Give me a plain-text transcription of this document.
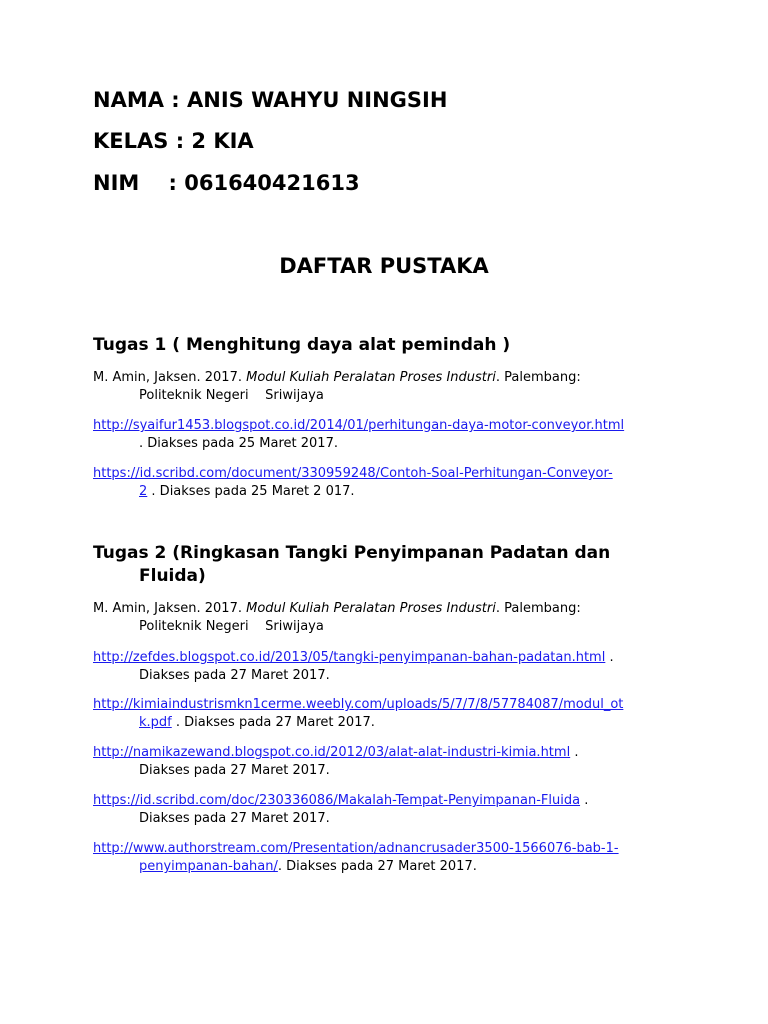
NAMA : ANIS WAHYU NINGSIH

KELAS : 2 KIA

NIM    : 061640421613

DAFTAR PUSTAKA
Tugas 1 ( Menghitung daya alat pemindah )
M. Amin, Jaksen. 2017. Modul Kuliah Peralatan Proses Industri. Palembang:
Politeknik Negeri    Sriwijaya
http://syaifur1453.blogspot.co.id/2014/01/perhitungan-daya-motor-conveyor.html
. Diakses pada 25 Maret 2017.
https://id.scribd.com/document/330959248/Contoh-Soal-Perhitungan-Conveyor-
2 . Diakses pada 25 Maret 2 017.
Tugas 2 (Ringkasan Tangki Penyimpanan Padatan dan
Fluida)
M. Amin, Jaksen. 2017. Modul Kuliah Peralatan Proses Industri. Palembang:
Politeknik Negeri    Sriwijaya
http://zefdes.blogspot.co.id/2013/05/tangki-penyimpanan-bahan-padatan.html .
Diakses pada 27 Maret 2017.
http://kimiaindustrismkn1cerme.weebly.com/uploads/5/7/7/8/57784087/modul_ot
k.pdf . Diakses pada 27 Maret 2017.
http://namikazewand.blogspot.co.id/2012/03/alat-alat-industri-kimia.html .
Diakses pada 27 Maret 2017.
https://id.scribd.com/doc/230336086/Makalah-Tempat-Penyimpanan-Fluida .
Diakses pada 27 Maret 2017.
http://www.authorstream.com/Presentation/adnancrusader3500-1566076-bab-1-
penyimpanan-bahan/. Diakses pada 27 Maret 2017.
